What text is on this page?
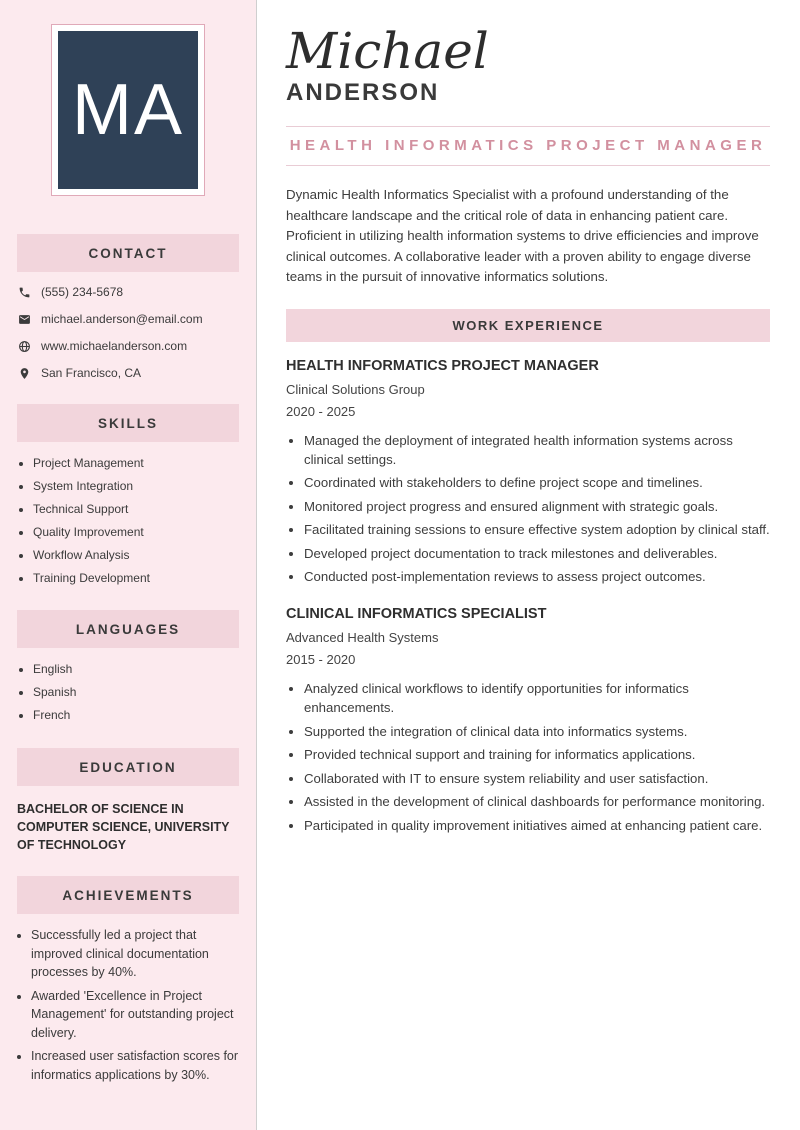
MA
CONTACT
(555) 234-5678
michael.anderson@email.com
www.michaelanderson.com
San Francisco, CA
SKILLS
• Project Management
• System Integration
• Technical Support
• Quality Improvement
• Workflow Analysis
• Training Development
LANGUAGES
• English
• Spanish
• French
EDUCATION

BACHELOR OF SCIENCE IN COMPUTER SCIENCE, UNIVERSITY OF TECHNOLOGY

ACHIEVEMENTS
• Successfully led a project that improved clinical documentation processes by 40%.
• Awarded 'Excellence in Project Management' for outstanding project delivery.
• Increased user satisfaction scores for informatics applications by 30%.
Michael
ANDERSON
HEALTH INFORMATICS PROJECT MANAGER

Dynamic Health Informatics Specialist with a profound understanding of the healthcare landscape and the critical role of data in enhancing patient care. Proficient in utilizing health information systems to drive efficiencies and improve clinical outcomes. A collaborative leader with a proven ability to engage diverse teams in the pursuit of innovative informatics solutions.

WORK EXPERIENCE
HEALTH INFORMATICS PROJECT MANAGER
Clinical Solutions Group
2020 - 2025
• Managed the deployment of integrated health information systems across clinical settings.
• Coordinated with stakeholders to define project scope and timelines.
• Monitored project progress and ensured alignment with strategic goals.
• Facilitated training sessions to ensure effective system adoption by clinical staff.
• Developed project documentation to track milestones and deliverables.
• Conducted post-implementation reviews to assess project outcomes.
CLINICAL INFORMATICS SPECIALIST
Advanced Health Systems
2015 - 2020
• Analyzed clinical workflows to identify opportunities for informatics enhancements.
• Supported the integration of clinical data into informatics systems.
• Provided technical support and training for informatics applications.
• Collaborated with IT to ensure system reliability and user satisfaction.
• Assisted in the development of clinical dashboards for performance monitoring.
• Participated in quality improvement initiatives aimed at enhancing patient care.
